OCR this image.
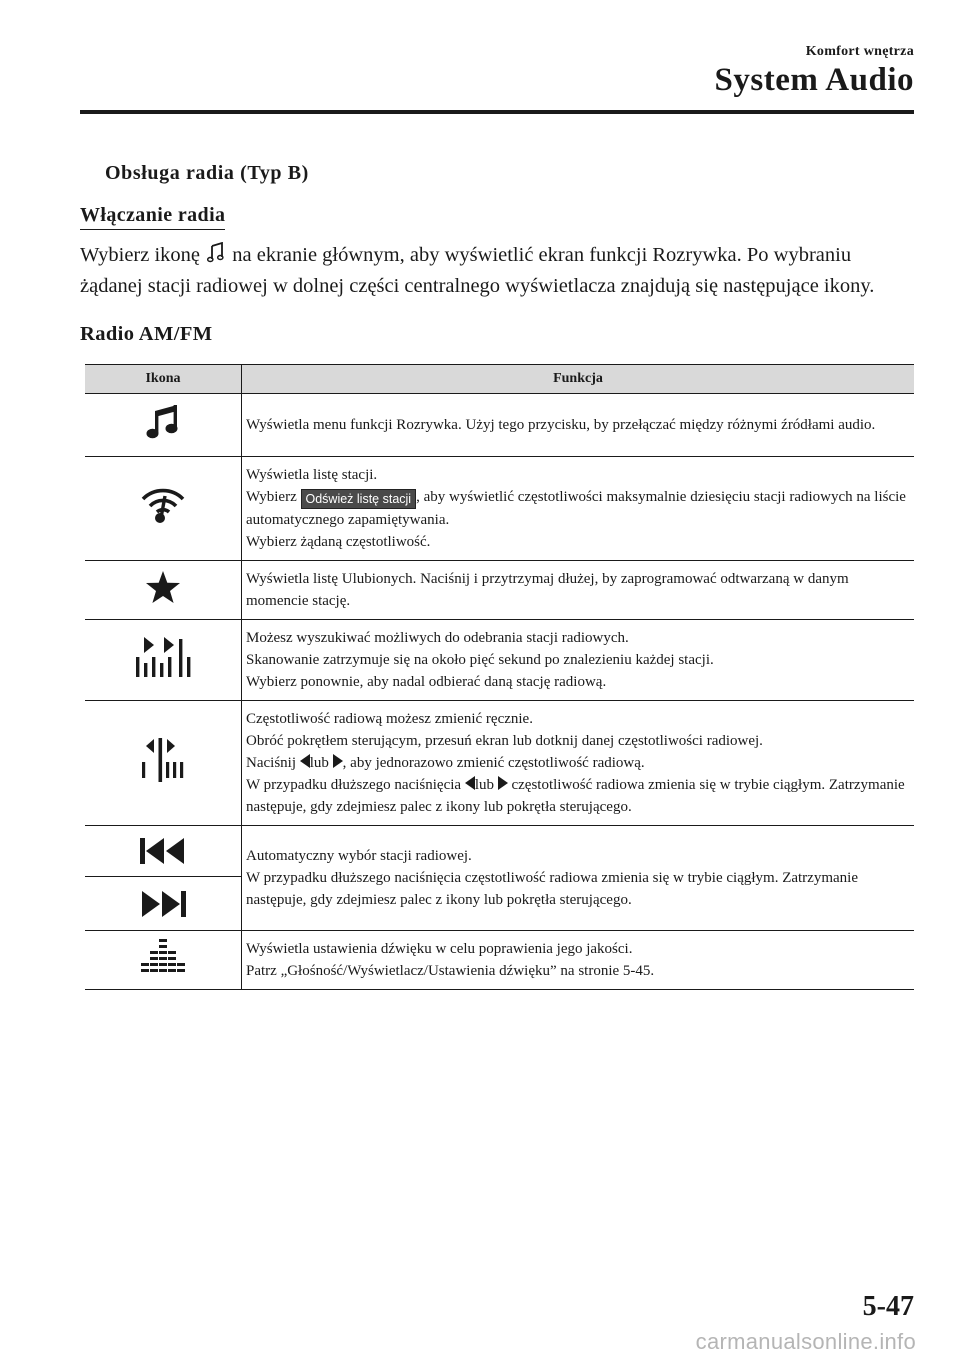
Komfort wnętrza
System Audio
Obsługa radia (Typ B)
Włączanie radia
Wybierz ikonę na ekranie głównym, aby wyświetlić ekran funkcji Rozrywka. Po wybraniu żądanej stacji radiowej w dolnej części centralnego wyświetlacza znajdują się następujące ikony.
Radio AM/FM
Ikona	Funkcja

Wyświetla menu funkcji Rozrywka. Użyj tego przycisku, by przełączać między różnymi źródłami audio.

Wyświetla listę stacji.
Wybierz Odśwież listę stacji , aby wyświetlić częstotliwości maksymalnie dziesięciu stacji radiowych na liście automatycznego zapamiętywania.
Wybierz żądaną częstotliwość.

Wyświetla listę Ulubionych. Naciśnij i przytrzymaj dłużej, by zaprogramować odtwarzaną w danym momencie stację.

Możesz wyszukiwać możliwych do odebrania stacji radiowych.
Skanowanie zatrzymuje się na około pięć sekund po znalezieniu każdej stacji.
Wybierz ponownie, aby nadal odbierać daną stację radiową.

Częstotliwość radiową możesz zmienić ręcznie.
Obróć pokrętłem sterującym, przesuń ekran lub dotknij danej częstotliwości radiowej.
Naciśnij lub , aby jednorazowo zmienić częstotliwość radiową.
W przypadku dłuższego naciśnięcia lub częstotliwość radiowa zmienia się w trybie ciągłym. Zatrzymanie następuje, gdy zdejmiesz palec z ikony lub pokrętła sterującego.

Automatyczny wybór stacji radiowej.
W przypadku dłuższego naciśnięcia częstotliwość radiowa zmienia się w trybie ciągłym. Zatrzymanie następuje, gdy zdejmiesz palec z ikony lub pokrętła sterującego.

Wyświetla ustawienia dźwięku w celu poprawienia jego jakości.
Patrz „Głośność/Wyświetlacz/Ustawienia dźwięku” na stronie 5-45.
5-47
carmanualsonline.info
